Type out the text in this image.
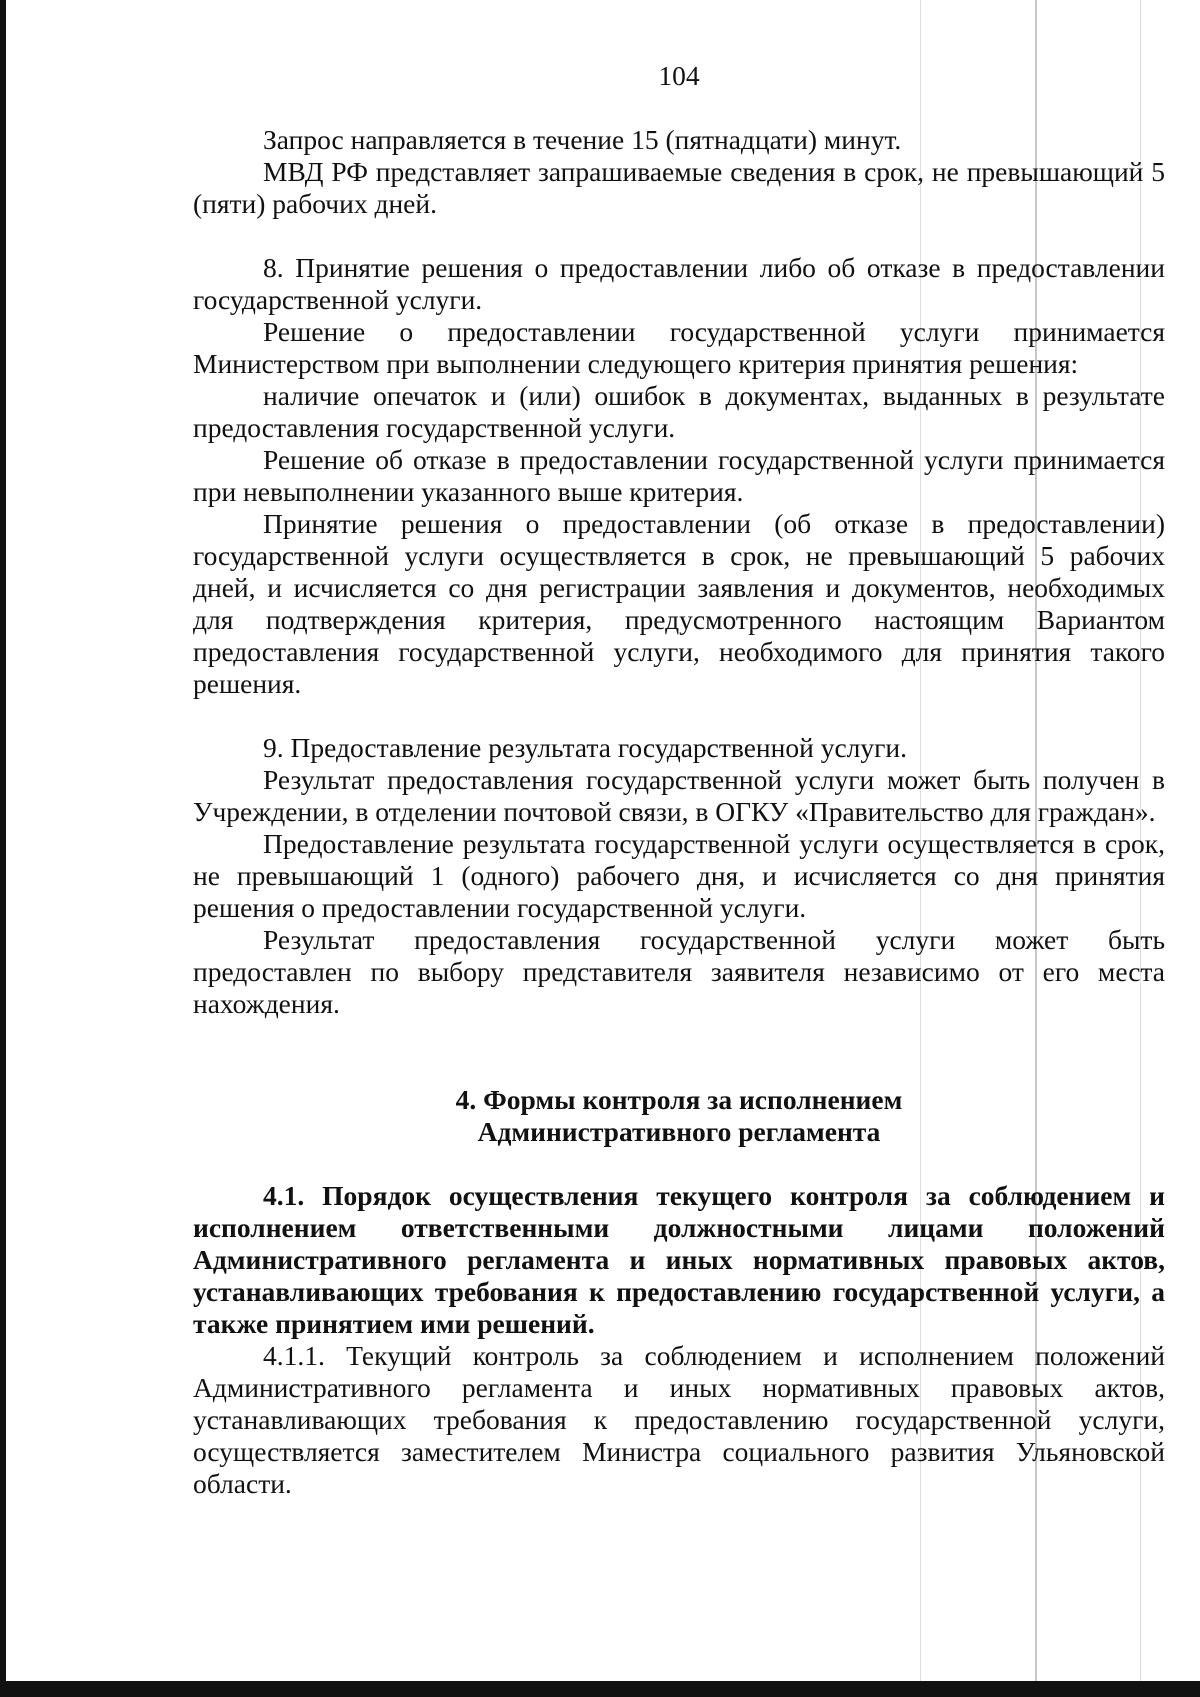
104

Запрос направляется в течение 15 (пятнадцати) минут.

МВД РФ представляет запрашиваемые сведения в срок, не превышающий 5 (пяти) рабочих дней.

8. Принятие решения о предоставлении либо об отказе в предоставлении государственной услуги.

Решение о предоставлении государственной услуги принимается Министерством при выполнении следующего критерия принятия решения:

наличие опечаток и (или) ошибок в документах, выданных в результате предоставления государственной услуги.

Решение об отказе в предоставлении государственной услуги принимается при невыполнении указанного выше критерия.

Принятие решения о предоставлении (об отказе в предоставлении) государственной услуги осуществляется в срок, не превышающий 5 рабочих дней, и исчисляется со дня регистрации заявления и документов, необходимых для подтверждения критерия, предусмотренного настоящим Вариантом предоставления государственной услуги, необходимого для принятия такого решения.

9. Предоставление результата государственной услуги.

Результат предоставления государственной услуги может быть получен в Учреждении, в отделении почтовой связи, в ОГКУ «Правительство для граждан».

Предоставление результата государственной услуги осуществляется в срок, не превышающий 1 (одного) рабочего дня, и исчисляется со дня принятия решения о предоставлении государственной услуги.

Результат предоставления государственной услуги может быть предоставлен по выбору представителя заявителя независимо от его места нахождения.

4. Формы контроля за исполнением
Административного регламента

4.1. Порядок осуществления текущего контроля за соблюдением и исполнением ответственными должностными лицами положений Административного регламента и иных нормативных правовых актов, устанавливающих требования к предоставлению государственной услуги, а также принятием ими решений.

4.1.1. Текущий контроль за соблюдением и исполнением положений Административного регламента и иных нормативных правовых актов, устанавливающих требования к предоставлению государственной услуги, осуществляется заместителем Министра социального развития Ульяновской области.
